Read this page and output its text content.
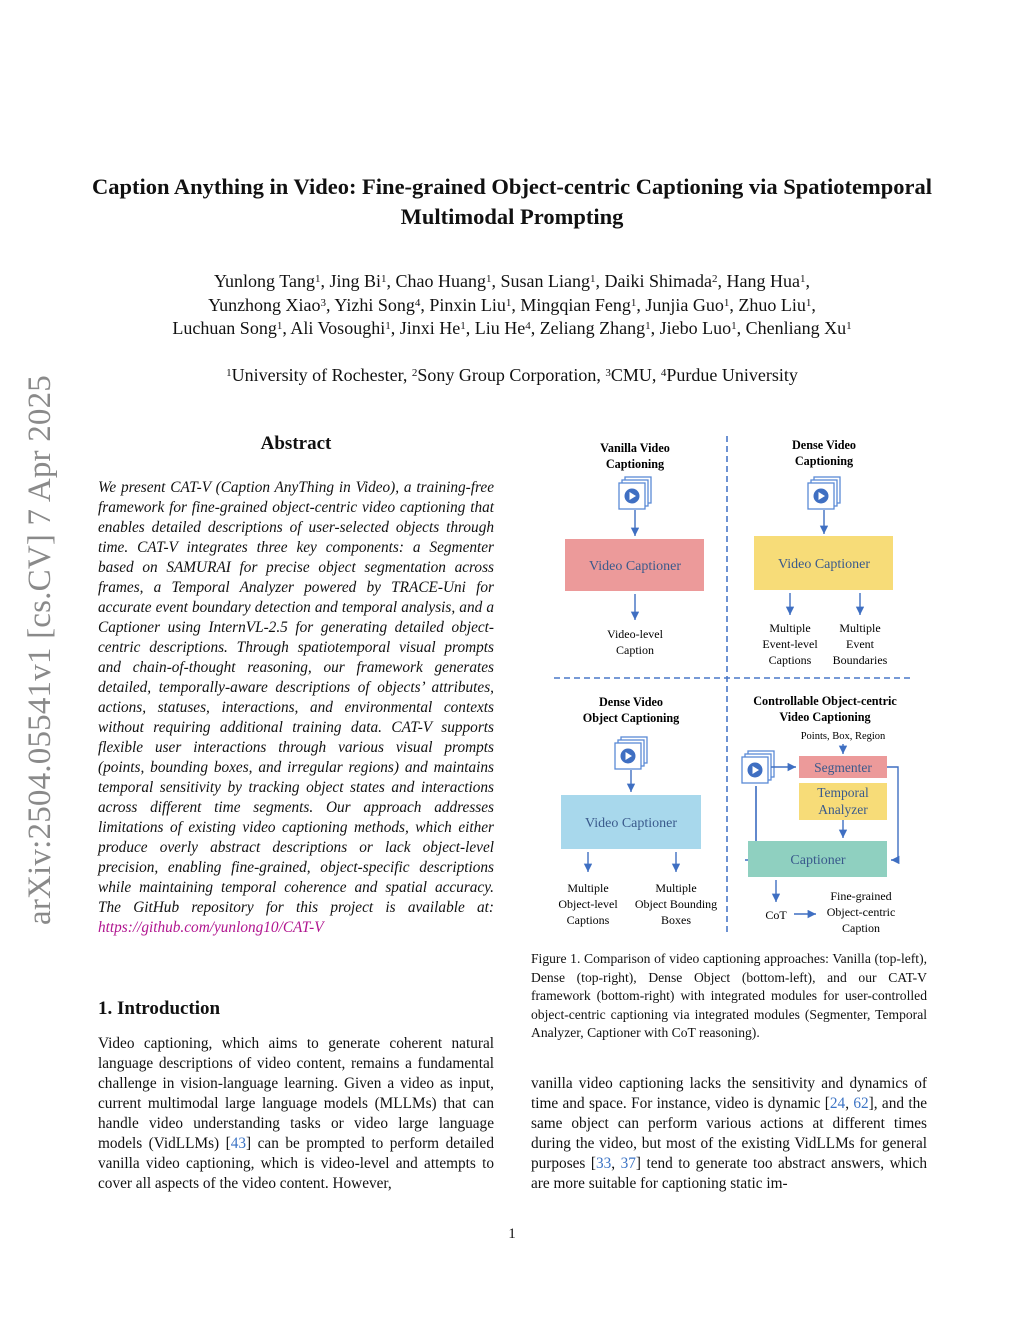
arXiv:2504.05541v1 [cs.CV] 7 Apr 2025
Caption Anything in Video: Fine-grained Object-centric Captioning via Spatiotemporal Multimodal Prompting
Yunlong Tang$^1$, Jing Bi$^1$, Chao Huang$^1$, Susan Liang$^1$, Daiki Shimada$^2$, Hang Hua$^1$,
Yunzhong Xiao$^3$, Yizhi Song$^4$, Pinxin Liu$^1$, Mingqian Feng$^1$, Junjia Guo$^1$, Zhuo Liu$^1$,
Luchuan Song$^1$, Ali Vosoughi$^1$, Jinxi He$^1$, Liu He$^4$, Zeliang Zhang$^1$, Jiebo Luo$^1$, Chenliang Xu$^1$
$^1$University of Rochester, $^2$Sony Group Corporation, $^3$CMU, $^4$Purdue University
Abstract
We present CAT-V (Caption AnyThing in Video), a training-free framework for fine-grained object-centric video captioning that enables detailed descriptions of user-selected objects through time. CAT-V integrates three key components: a Segmenter based on SAMURAI for precise object segmentation across frames, a Temporal Analyzer powered by TRACE-Uni for accurate event boundary detection and temporal analysis, and a Captioner using InternVL-2.5 for generating detailed object-centric descriptions. Through spatiotemporal visual prompts and chain-of-thought reasoning, our framework generates detailed, temporally-aware descriptions of objects’ attributes, actions, statuses, interactions, and environmental contexts without requiring additional training data. CAT-V supports flexible user interactions through various visual prompts (points, bounding boxes, and irregular regions) and maintains temporal sensitivity by tracking object states and interactions across different time segments. Our approach addresses limitations of existing video captioning methods, which either produce overly abstract descriptions or lack object-level precision, enabling fine-grained, object-specific descriptions while maintaining temporal coherence and spatial accuracy. The GitHub repository for this project is available at: https://github.com/yunlong10/CAT-V
1. Introduction
Video captioning, which aims to generate coherent natural language descriptions of video content, remains a fundamental challenge in vision-language learning. Given a video as input, current multimodal large language models (MLLMs) that can handle video understanding tasks or video large language models (VidLLMs) [43] can be prompted to perform detailed vanilla video captioning, which is video-level and attempts to cover all aspects of the video content. However,
vanilla video captioning lacks the sensitivity and dynamics of time and space. For instance, video is dynamic [24, 62], and the same object can perform various actions at different times during the video, but most of the existing VidLLMs for general purposes [33, 37] tend to generate too abstract answers, which are more suitable for captioning static im-
Vanilla Video Captioning
Video Captioner
Video-level Caption
Dense Video Captioning
Video Captioner
Multiple Event-level Captions
Multiple Event Boundaries
Dense Video Object Captioning
Video Captioner
Multiple Object-level Captions
Multiple Object Bounding Boxes
Controllable Object-centric Video Captioning
Points, Box, Region
Segmenter
Temporal Analyzer
Captioner
CoT
Fine-grained Object-centric Caption
Figure 1. Comparison of video captioning approaches: Vanilla (top-left), Dense (top-right), Dense Object (bottom-left), and our CAT-V framework (bottom-right) with integrated modules for user-controlled object-centric captioning via integrated modules (Segmenter, Temporal Analyzer, Captioner with CoT reasoning).
1
